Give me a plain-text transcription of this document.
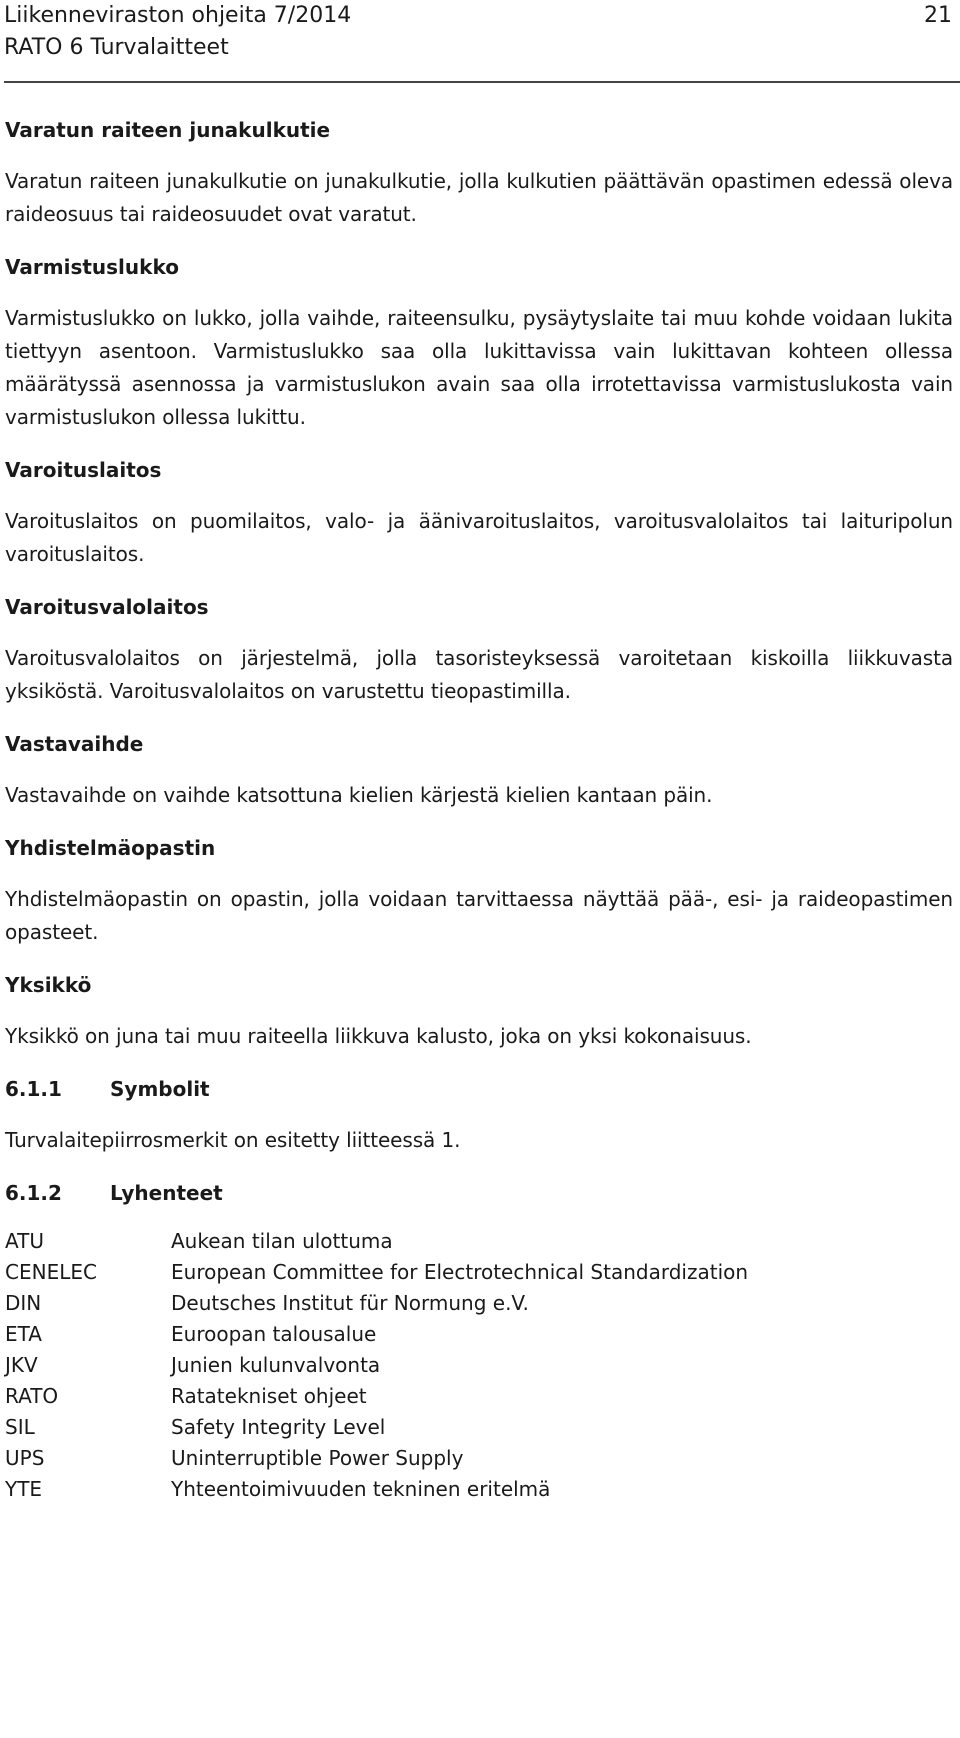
Liikenneviraston ohjeita 7/2014
RATO 6 Turvalaitteet
21

Varatun raiteen junakulkutie

Varatun raiteen junakulkutie on junakulkutie, jolla kulkutien päättävän opastimen edessä oleva raideosuus tai raideosuudet ovat varatut.

Varmistuslukko

Varmistuslukko on lukko, jolla vaihde, raiteensulku, pysäytyslaite tai muu kohde voidaan lukita tiettyyn asentoon. Varmistuslukko saa olla lukittavissa vain lukittavan kohteen ollessa määrätyssä asennossa ja varmistuslukon avain saa olla irrotettavissa varmistuslukosta vain varmistuslukon ollessa lukittu.

Varoituslaitos

Varoituslaitos on puomilaitos, valo- ja äänivaroituslaitos, varoitusvalolaitos tai laituripolun varoituslaitos.

Varoitusvalolaitos

Varoitusvalolaitos on järjestelmä, jolla tasoristeyksessä varoitetaan kiskoilla liikkuvasta yksiköstä. Varoitusvalolaitos on varustettu tieopastimilla.

Vastavaihde

Vastavaihde on vaihde katsottuna kielien kärjestä kielien kantaan päin.

Yhdistelmäopastin

Yhdistelmäopastin on opastin, jolla voidaan tarvittaessa näyttää pää-, esi- ja raideopastimen opasteet.

Yksikkö

Yksikkö on juna tai muu raiteella liikkuva kalusto, joka on yksi kokonaisuus.

6.1.1 Symbolit

Turvalaitepiirrosmerkit on esitetty liitteessä 1.

6.1.2 Lyhenteet

ATU	Aukean tilan ulottuma
CENELEC	European Committee for Electrotechnical Standardization
DIN	Deutsches Institut für Normung e.V.
ETA	Euroopan talousalue
JKV	Junien kulunvalvonta
RATO	Ratatekniset ohjeet
SIL	Safety Integrity Level
UPS	Uninterruptible Power Supply
YTE	Yhteentoimivuuden tekninen eritelmä
